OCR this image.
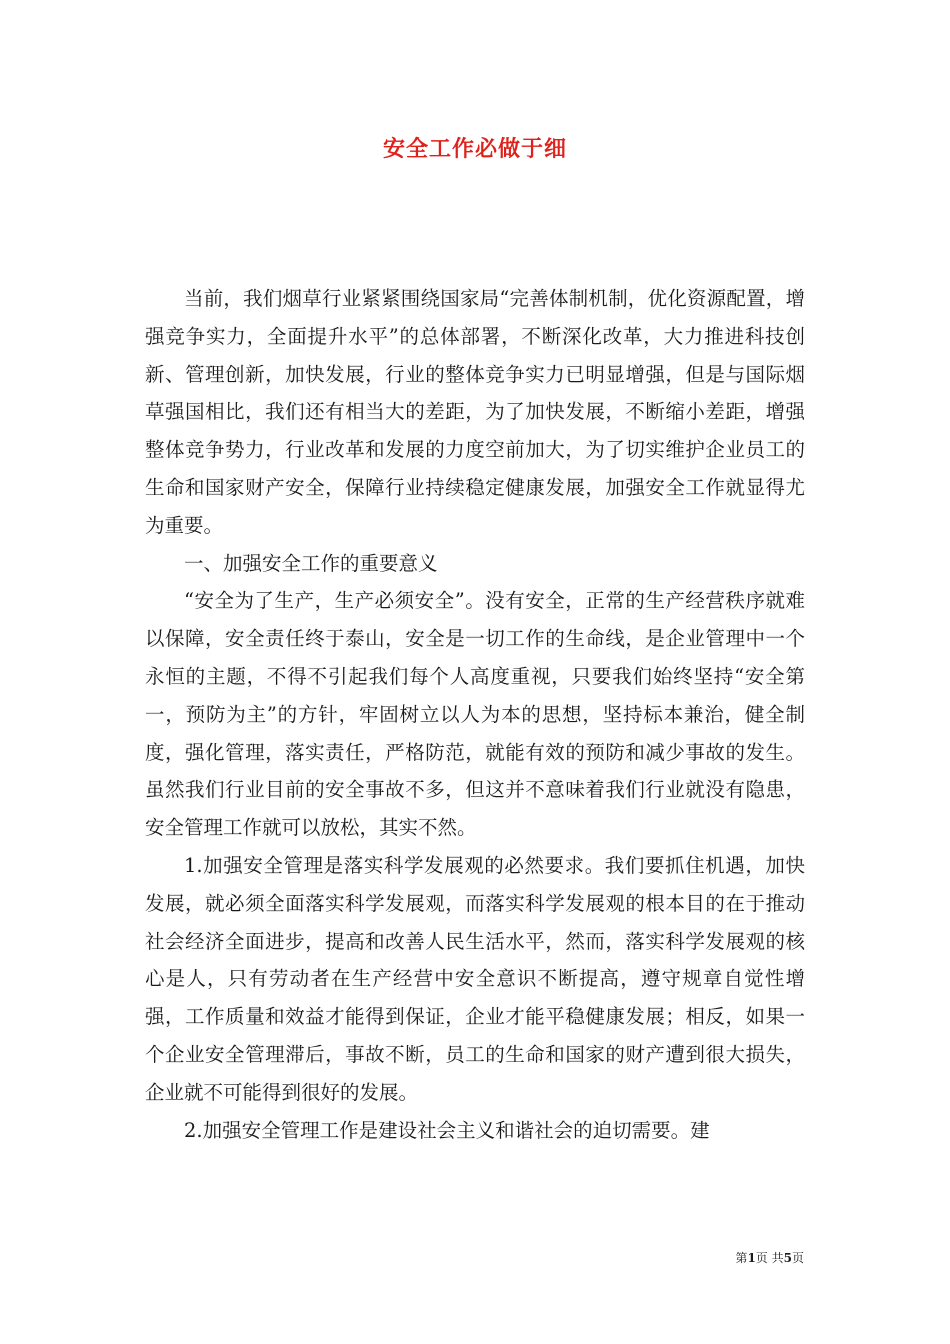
安全工作必做于细

当前，我们烟草行业紧紧围绕国家局“完善体制机制，优化资源配置，增强竞争实力，全面提升水平”的总体部署，不断深化改革，大力推进科技创新、管理创新，加快发展，行业的整体竞争实力已明显增强，但是与国际烟草强国相比，我们还有相当大的差距，为了加快发展，不断缩小差距，增强整体竞争势力，行业改革和发展的力度空前加大，为了切实维护企业员工的生命和国家财产安全，保障行业持续稳定健康发展，加强安全工作就显得尤为重要。

一、加强安全工作的重要意义

“安全为了生产，生产必须安全”。没有安全，正常的生产经营秩序就难以保障，安全责任终于泰山，安全是一切工作的生命线，是企业管理中一个永恒的主题，不得不引起我们每个人高度重视，只要我们始终坚持“安全第一，预防为主”的方针，牢固树立以人为本的思想，坚持标本兼治，健全制度，强化管理，落实责任，严格防范，就能有效的预防和减少事故的发生。虽然我们行业目前的安全事故不多，但这并不意味着我们行业就没有隐患，安全管理工作就可以放松，其实不然。

1.加强安全管理是落实科学发展观的必然要求。我们要抓住机遇，加快发展，就必须全面落实科学发展观，而落实科学发展观的根本目的在于推动社会经济全面进步，提高和改善人民生活水平，然而，落实科学发展观的核心是人，只有劳动者在生产经营中安全意识不断提高，遵守规章自觉性增强，工作质量和效益才能得到保证，企业才能平稳健康发展；相反，如果一个企业安全管理滞后，事故不断，员工的生命和国家的财产遭到很大损失，企业就不可能得到很好的发展。

2.加强安全管理工作是建设社会主义和谐社会的迫切需要。建

第1页 共5页
